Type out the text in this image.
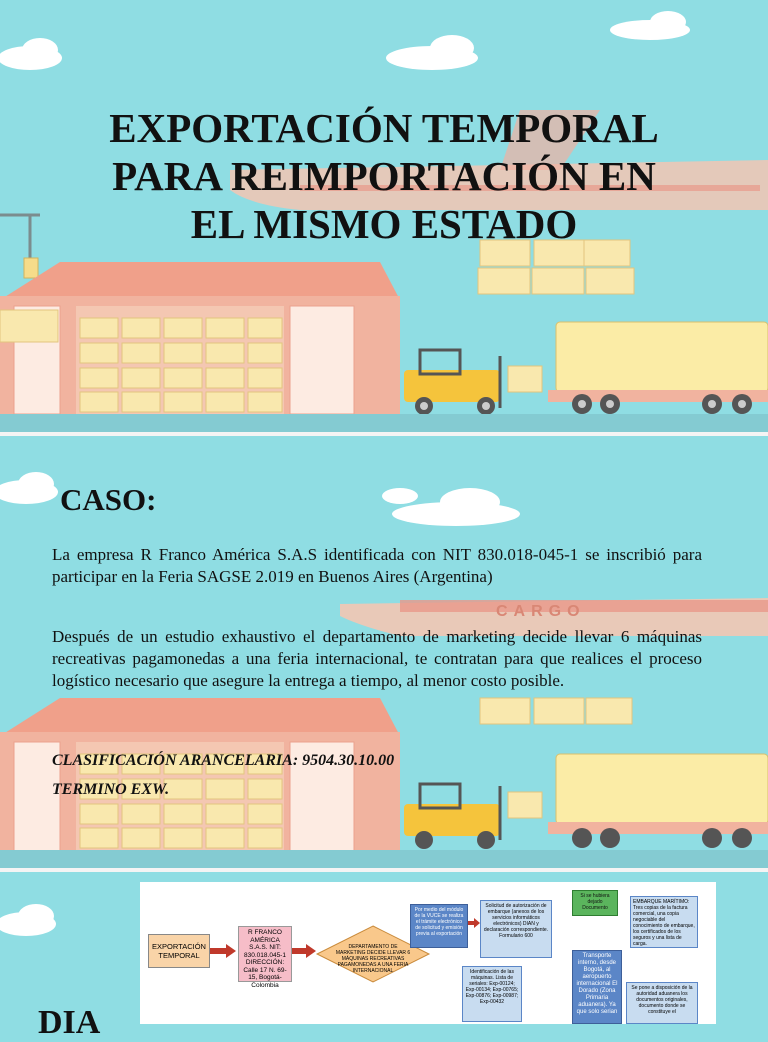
EXPORTACIÓN TEMPORAL
PARA REIMPORTACIÓN EN
EL MISMO ESTADO
CARGO
CASO:

La empresa R Franco América S.A.S identificada con NIT 830.018-045-1 se inscribió para participar en la Feria SAGSE 2.019 en Buenos Aires (Argentina)

Después de un estudio exhaustivo el departamento de marketing decide llevar 6 máquinas recreativas pagamonedas a una feria internacional, te contratan para que realices el proceso logístico necesario que asegure la entrega a tiempo, al menor costo posible.

CLASIFICACIÓN ARANCELARIA: 9504.30.10.00

TERMINO EXW.

DIA
EXPORTACIÓN TEMPORAL
R FRANCO AMÉRICA S.A.S. NIT: 830.018.045-1 DIRECCIÓN: Calle 17 N. 69-15, Bogotá-Colombia
DEPARTAMENTO DE MARKETING DECIDE LLEVAR 6 MÁQUINAS RECREATIVAS PAGAMONEDAS A UNA FERIA INTERNACIONAL
Por medio del módulo de la VUCE se realiza el trámite electrónico de solicitud y emisión previa al exportación
Solicitud de autorización de embarque (anexos de los servicios informáticos electrónicos) DIAN y declaración correspondiente. Formulario 600
Identificación de las máquinas. Lista de seriales: Exp-00124; Exp-00134; Exp-00765; Exp-00876; Exp-00987; Exp-00432
Si se hubiera dejado Documento
Transporte interno, desde Bogotá, al aeropuerto internacional El Dorado (Zona Primaria aduanera). Ya que solo serian
EMBARQUE MARÍTIMO: Tres copias de la factura comercial, una copia negociable del conocimiento de embarque, los certificados de los seguros y una lista de carga.
Se pone a disposición de la autoridad aduanera los documentos originales, documento donde se constituye el
